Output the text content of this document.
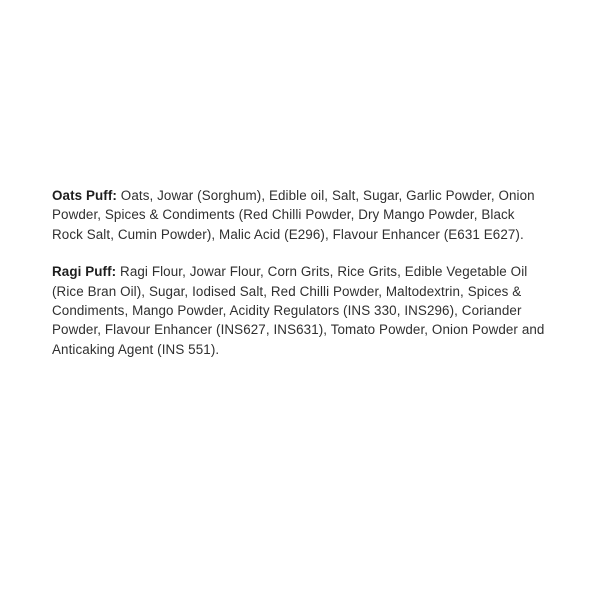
Oats Puff: Oats, Jowar (Sorghum), Edible oil, Salt, Sugar, Garlic Powder, Onion Powder, Spices & Condiments (Red Chilli Powder, Dry Mango Powder, Black Rock Salt, Cumin Powder), Malic Acid (E296), Flavour Enhancer (E631 E627).

Ragi Puff: Ragi Flour, Jowar Flour, Corn Grits, Rice Grits, Edible Vegetable Oil (Rice Bran Oil), Sugar, Iodised Salt, Red Chilli Powder, Maltodextrin, Spices & Condiments, Mango Powder, Acidity Regulators (INS 330, INS296), Coriander Powder, Flavour Enhancer (INS627, INS631), Tomato Powder, Onion Powder and Anticaking Agent (INS 551).
